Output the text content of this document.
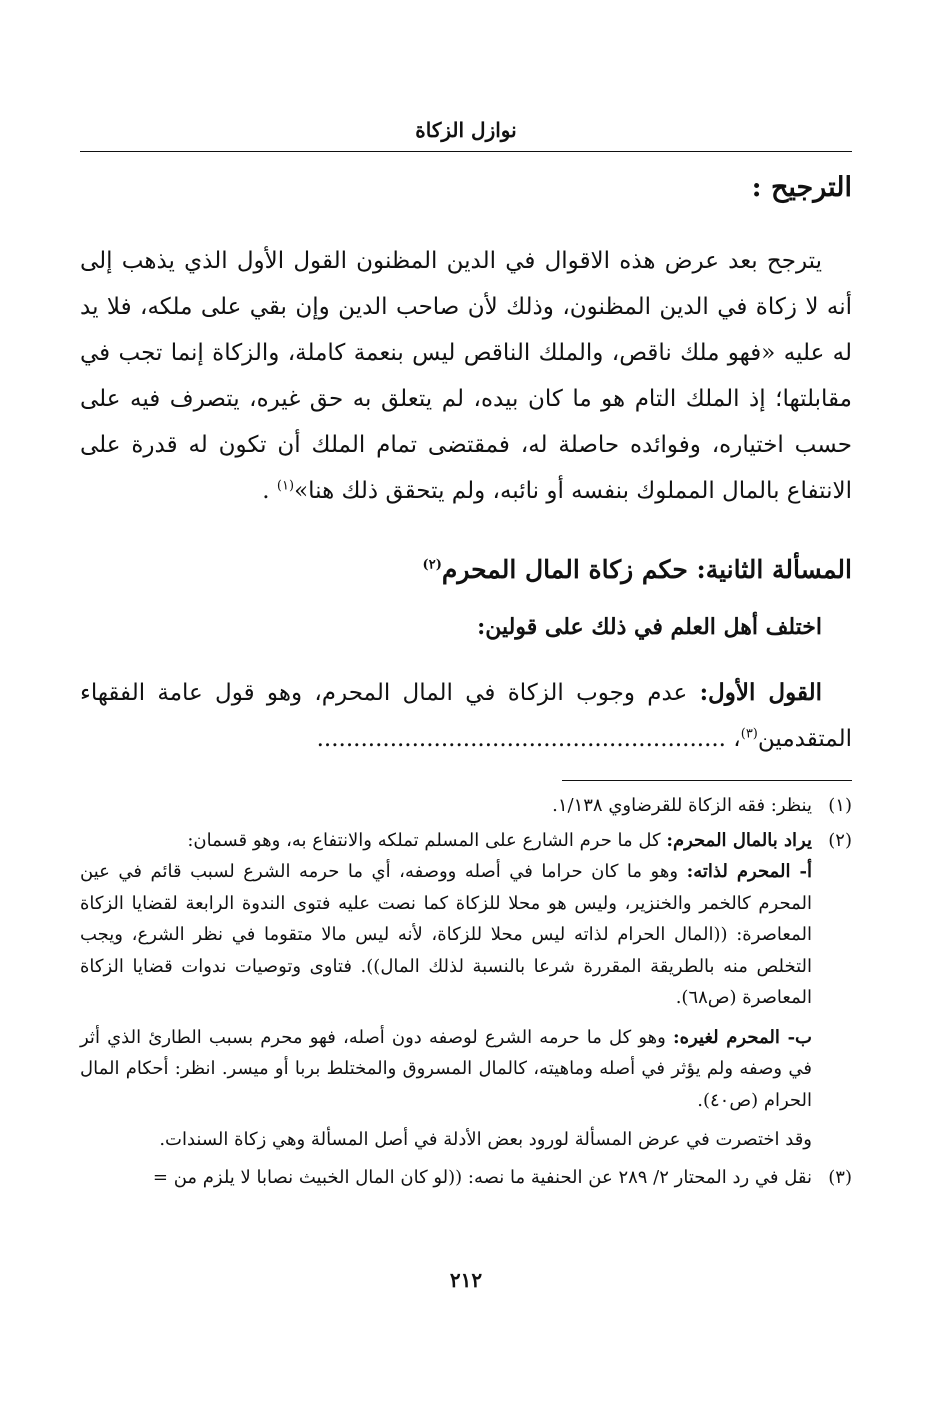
نوازل الزكاة
الترجيح :

يترجح بعد عرض هذه الاقوال في الدين المظنون القول الأول الذي يذهب إلى أنه لا زكاة في الدين المظنون، وذلك لأن صاحب الدين وإن بقي على ملكه، فلا يد له عليه «فهو ملك ناقص، والملك الناقص ليس بنعمة كاملة، والزكاة إنما تجب في مقابلتها؛ إذ الملك التام هو ما كان بيده، لم يتعلق به حق غيره، يتصرف فيه على حسب اختياره، وفوائده حاصلة له، فمقتضى تمام الملك أن تكون له قدرة على الانتفاع بالمال المملوك بنفسه أو نائبه، ولم يتحقق ذلك هنا»$^{(١)}$ .

المسألة الثانية: حكم زكاة المال المحرم$^{(٢)}$
اختلف أهل العلم في ذلك على قولين:

القول الأول: عدم وجوب الزكاة في المال المحرم، وهو قول عامة الفقهاء المتقدمين$^{(٣)}$، ........................................................

(١)
ينظر: فقه الزكاة للقرضاوي ١/١٣٨.
(٢)
يراد بالمال المحرم: كل ما حرم الشارع على المسلم تملكه والانتفاع به، وهو قسمان:
أ- المحرم لذاته: وهو ما كان حراما في أصله ووصفه، أي ما حرمه الشرع لسبب قائم في عين المحرم كالخمر والخنزير، وليس هو محلا للزكاة كما نصت عليه فتوى الندوة الرابعة لقضايا الزكاة المعاصرة: ((المال الحرام لذاته ليس محلا للزكاة، لأنه ليس مالا متقوما في نظر الشرع، ويجب التخلص منه بالطريقة المقررة شرعا بالنسبة لذلك المال)). فتاوى وتوصيات ندوات قضايا الزكاة المعاصرة (ص٦٨).
ب- المحرم لغيره: وهو كل ما حرمه الشرع لوصفه دون أصله، فهو محرم بسبب الطارئ الذي أثر في وصفه ولم يؤثر في أصله وماهيته، كالمال المسروق والمختلط بربا أو ميسر. انظر: أحكام المال الحرام (ص٤٠).
وقد اختصرت في عرض المسألة لورود بعض الأدلة في أصل المسألة وهي زكاة السندات.
(٣)
نقل في رد المحتار ٢/ ٢٨٩ عن الحنفية ما نصه: ((لو كان المال الخبيث نصابا لا يلزم من =
٢١٢
